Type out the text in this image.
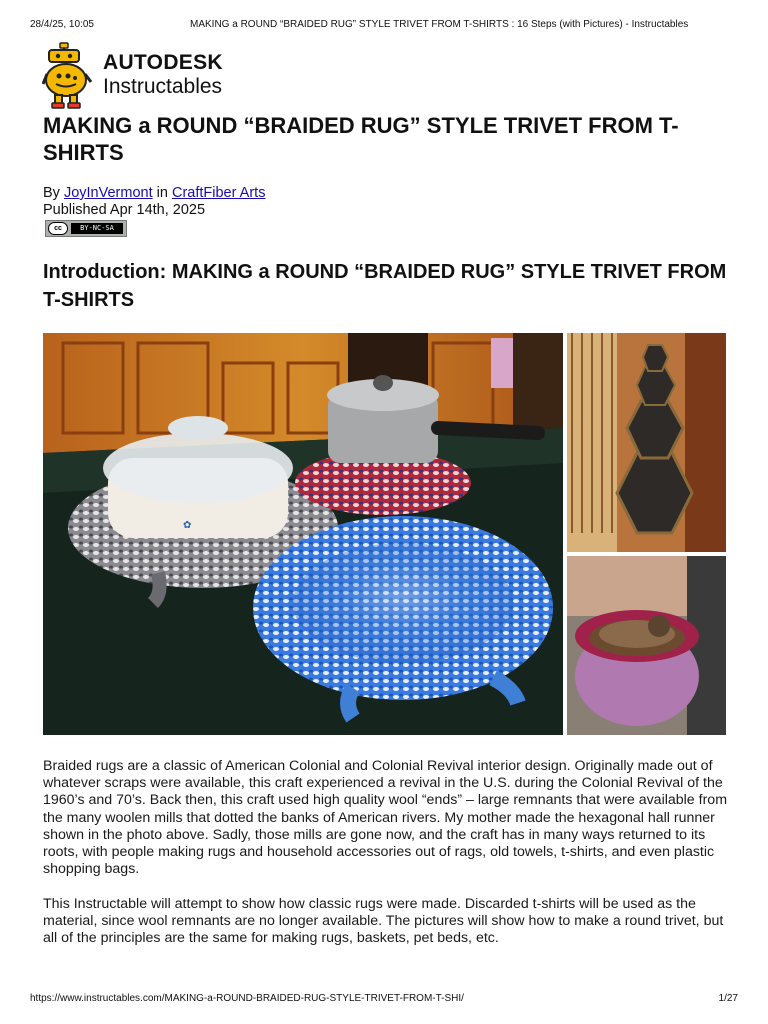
28/4/25, 10:05	MAKING a ROUND “BRAIDED RUG” STYLE TRIVET FROM T-SHIRTS : 16 Steps (with Pictures) - Instructables
AUTODESK
Instructables
MAKING a ROUND “BRAIDED RUG” STYLE TRIVET FROM T-SHIRTS
By JoyInVermont in CraftFiber Arts
Published Apr 14th, 2025
cc	BY-NC-SA
Introduction: MAKING a ROUND “BRAIDED RUG” STYLE TRIVET FROM T-SHIRTS
✿

Braided rugs are a classic of American Colonial and Colonial Revival interior design. Originally made out of whatever scraps were available, this craft experienced a revival in the U.S. during the Colonial Revival of the 1960’s and 70’s. Back then, this craft used high quality wool “ends” – large remnants that were available from the many woolen mills that dotted the banks of American rivers. My mother made the hexagonal hall runner shown in the photo above. Sadly, those mills are gone now, and the craft has in many ways returned to its roots, with people making rugs and household accessories out of rags, old towels, t-shirts, and even plastic shopping bags.

This Instructable will attempt to show how classic rugs were made. Discarded t-shirts will be used as the material, since wool remnants are no longer available. The pictures will show how to make a round trivet, but all of the principles are the same for making rugs, baskets, pet beds, etc.

https://www.instructables.com/MAKING-a-ROUND-BRAIDED-RUG-STYLE-TRIVET-FROM-T-SHI/	1/27
